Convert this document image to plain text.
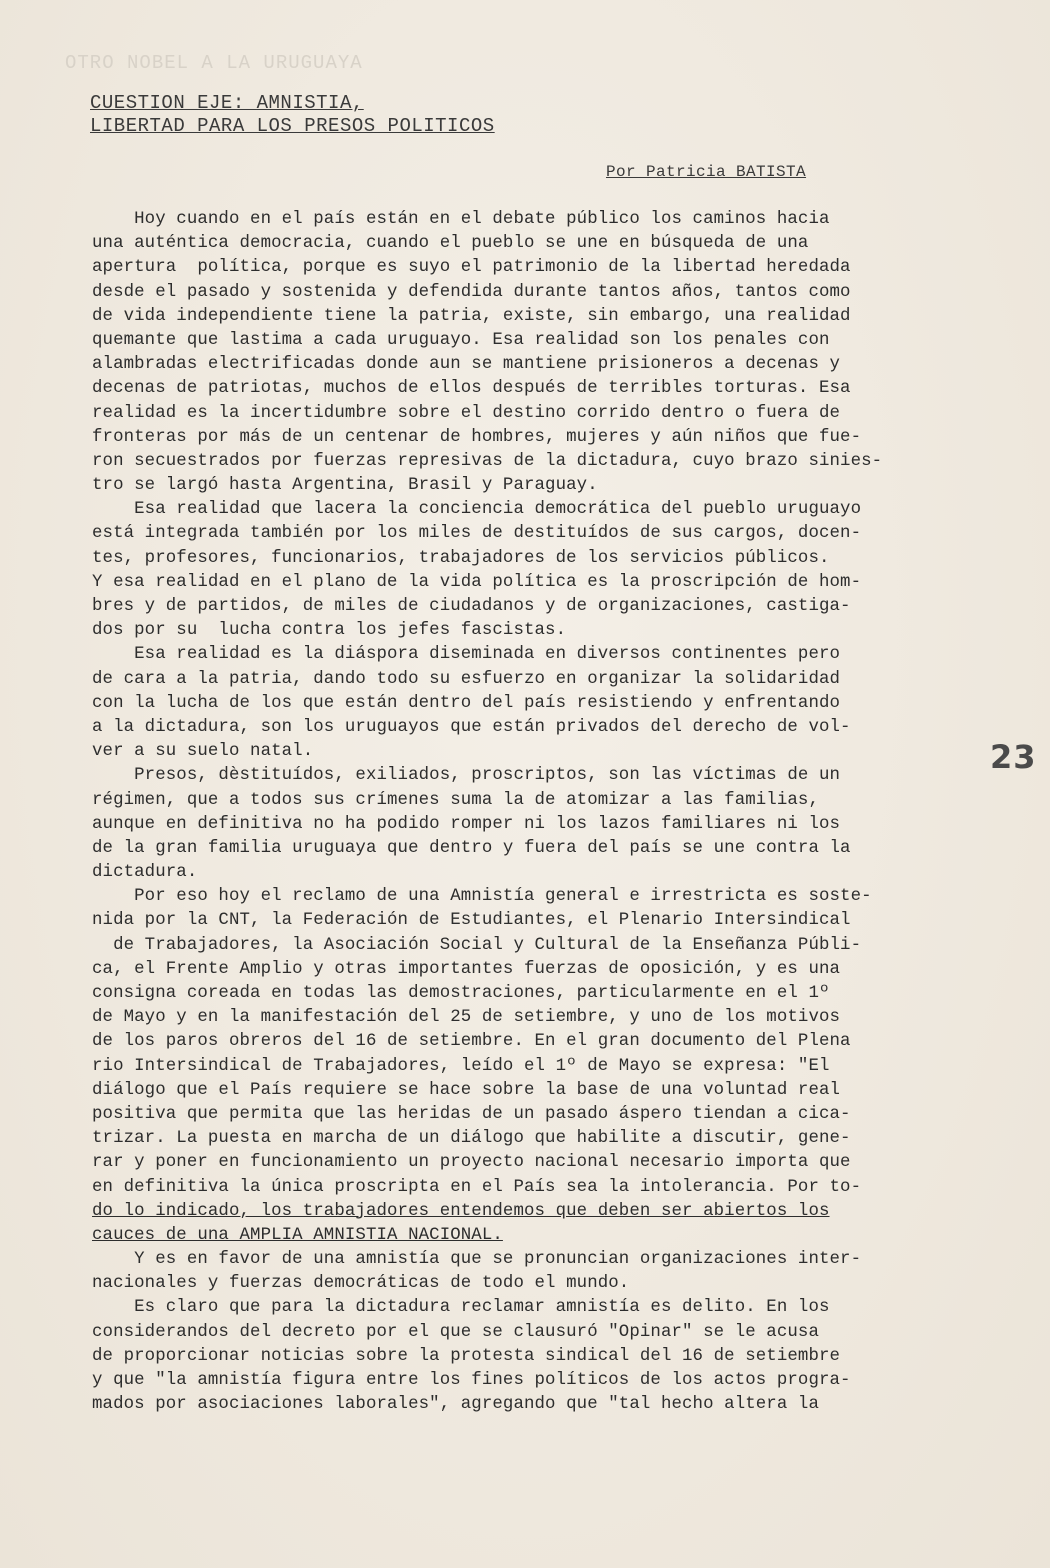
OTRO NOBEL A LA URUGUAYA
CUESTION EJE: AMNISTIA,
LIBERTAD PARA LOS PRESOS POLITICOS
Por Patricia BATISTA
Hoy cuando en el país están en el debate público los caminos hacia
una auténtica democracia, cuando el pueblo se une en búsqueda de una
apertura  política, porque es suyo el patrimonio de la libertad heredada
desde el pasado y sostenida y defendida durante tantos años, tantos como
de vida independiente tiene la patria, existe, sin embargo, una realidad
quemante que lastima a cada uruguayo. Esa realidad son los penales con
alambradas electrificadas donde aun se mantiene prisioneros a decenas y
decenas de patriotas, muchos de ellos después de terribles torturas. Esa
realidad es la incertidumbre sobre el destino corrido dentro o fuera de
fronteras por más de un centenar de hombres, mujeres y aún niños que fue-
ron secuestrados por fuerzas represivas de la dictadura, cuyo brazo sinies-
tro se largó hasta Argentina, Brasil y Paraguay.
Esa realidad que lacera la conciencia democrática del pueblo uruguayo
está integrada también por los miles de destituídos de sus cargos, docen-
tes, profesores, funcionarios, trabajadores de los servicios públicos.
Y esa realidad en el plano de la vida política es la proscripción de hom-
bres y de partidos, de miles de ciudadanos y de organizaciones, castiga-
dos por su  lucha contra los jefes fascistas.
Esa realidad es la diáspora diseminada en diversos continentes pero
de cara a la patria, dando todo su esfuerzo en organizar la solidaridad
con la lucha de los que están dentro del país resistiendo y enfrentando
a la dictadura, son los uruguayos que están privados del derecho de vol-
ver a su suelo natal.
Presos, dèstituídos, exiliados, proscriptos, son las víctimas de un
régimen, que a todos sus crímenes suma la de atomizar a las familias,
aunque en definitiva no ha podido romper ni los lazos familiares ni los
de la gran familia uruguaya que dentro y fuera del país se une contra la
dictadura.
Por eso hoy el reclamo de una Amnistía general e irrestricta es soste-
nida por la CNT, la Federación de Estudiantes, el Plenario Intersindical
de Trabajadores, la Asociación Social y Cultural de la Enseñanza Públi-
ca, el Frente Amplio y otras importantes fuerzas de oposición, y es una
consigna coreada en todas las demostraciones, particularmente en el 1º
de Mayo y en la manifestación del 25 de setiembre, y uno de los motivos
de los paros obreros del 16 de setiembre. En el gran documento del Plena
rio Intersindical de Trabajadores, leído el 1º de Mayo se expresa: "El
diálogo que el País requiere se hace sobre la base de una voluntad real
positiva que permita que las heridas de un pasado áspero tiendan a cica-
trizar. La puesta en marcha de un diálogo que habilite a discutir, gene-
rar y poner en funcionamiento un proyecto nacional necesario importa que
en definitiva la única proscripta en el País sea la intolerancia. Por to-
do lo indicado, los trabajadores entendemos que deben ser abiertos los
cauces de una AMPLIA AMNISTIA NACIONAL.
Y es en favor de una amnistía que se pronuncian organizaciones inter-
nacionales y fuerzas democráticas de todo el mundo.
Es claro que para la dictadura reclamar amnistía es delito. En los
considerandos del decreto por el que se clausuró "Opinar" se le acusa
de proporcionar noticias sobre la protesta sindical del 16 de setiembre
y que "la amnistía figura entre los fines políticos de los actos progra-
mados por asociaciones laborales", agregando que "tal hecho altera la
23
